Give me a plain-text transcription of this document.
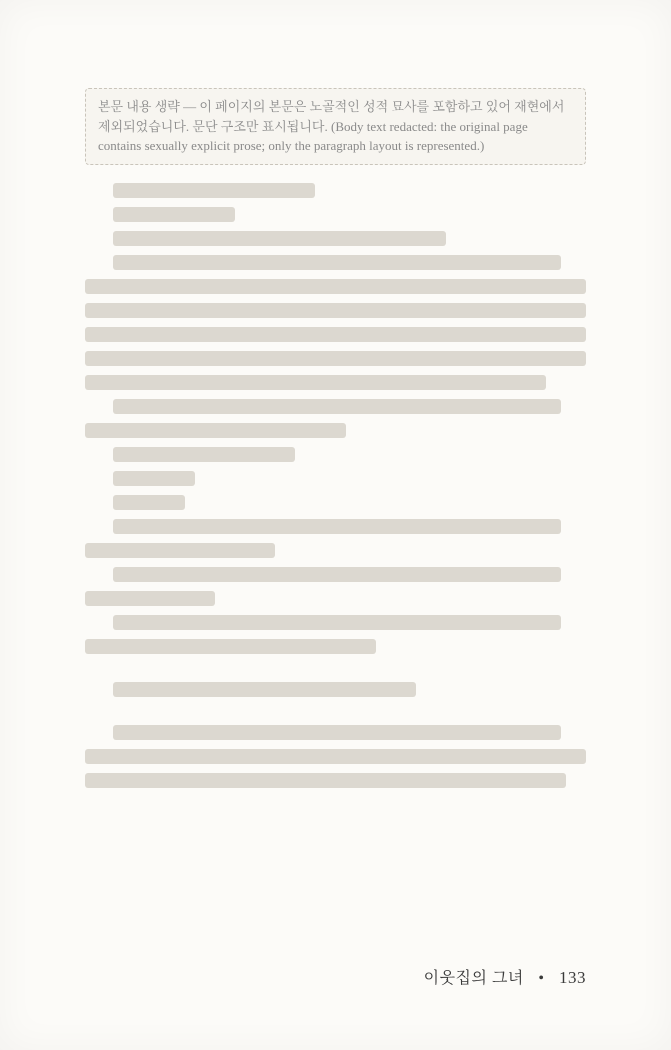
본문 내용 생략 — 이 페이지의 본문은 노골적인 성적 묘사를 포함하고 있어 재현에서 제외되었습니다. 문단 구조만 표시됩니다. (Body text redacted: the original page contains sexually explicit prose; only the paragraph layout is represented.)
이웃집의 그녀 • 133
